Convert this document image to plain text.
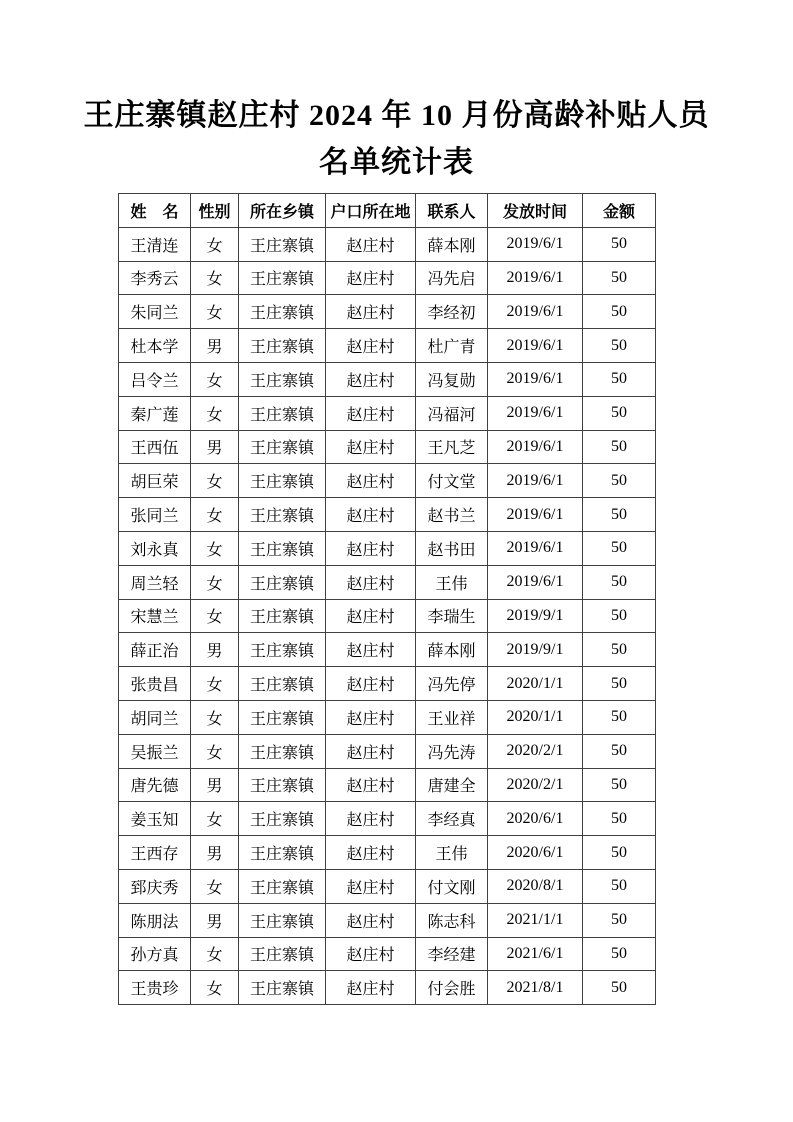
王庄寨镇赵庄村 2024 年 10 月份高龄补贴人员
名单统计表
姓　名	性别	所在乡镇	户口所在地	联系人	发放时间	金额
王清连	女	王庄寨镇	赵庄村	薛本刚	2019/6/1	50
李秀云	女	王庄寨镇	赵庄村	冯先启	2019/6/1	50
朱同兰	女	王庄寨镇	赵庄村	李经初	2019/6/1	50
杜本学	男	王庄寨镇	赵庄村	杜广青	2019/6/1	50
吕令兰	女	王庄寨镇	赵庄村	冯复勋	2019/6/1	50
秦广莲	女	王庄寨镇	赵庄村	冯福河	2019/6/1	50
王西伍	男	王庄寨镇	赵庄村	王凡芝	2019/6/1	50
胡巨荣	女	王庄寨镇	赵庄村	付文堂	2019/6/1	50
张同兰	女	王庄寨镇	赵庄村	赵书兰	2019/6/1	50
刘永真	女	王庄寨镇	赵庄村	赵书田	2019/6/1	50
周兰轻	女	王庄寨镇	赵庄村	王伟	2019/6/1	50
宋慧兰	女	王庄寨镇	赵庄村	李瑞生	2019/9/1	50
薛正治	男	王庄寨镇	赵庄村	薛本刚	2019/9/1	50
张贵昌	女	王庄寨镇	赵庄村	冯先停	2020/1/1	50
胡同兰	女	王庄寨镇	赵庄村	王业祥	2020/1/1	50
吴振兰	女	王庄寨镇	赵庄村	冯先涛	2020/2/1	50
唐先德	男	王庄寨镇	赵庄村	唐建全	2020/2/1	50
姜玉知	女	王庄寨镇	赵庄村	李经真	2020/6/1	50
王西存	男	王庄寨镇	赵庄村	王伟	2020/6/1	50
郅庆秀	女	王庄寨镇	赵庄村	付文刚	2020/8/1	50
陈朋法	男	王庄寨镇	赵庄村	陈志科	2021/1/1	50
孙方真	女	王庄寨镇	赵庄村	李经建	2021/6/1	50
王贵珍	女	王庄寨镇	赵庄村	付会胜	2021/8/1	50
